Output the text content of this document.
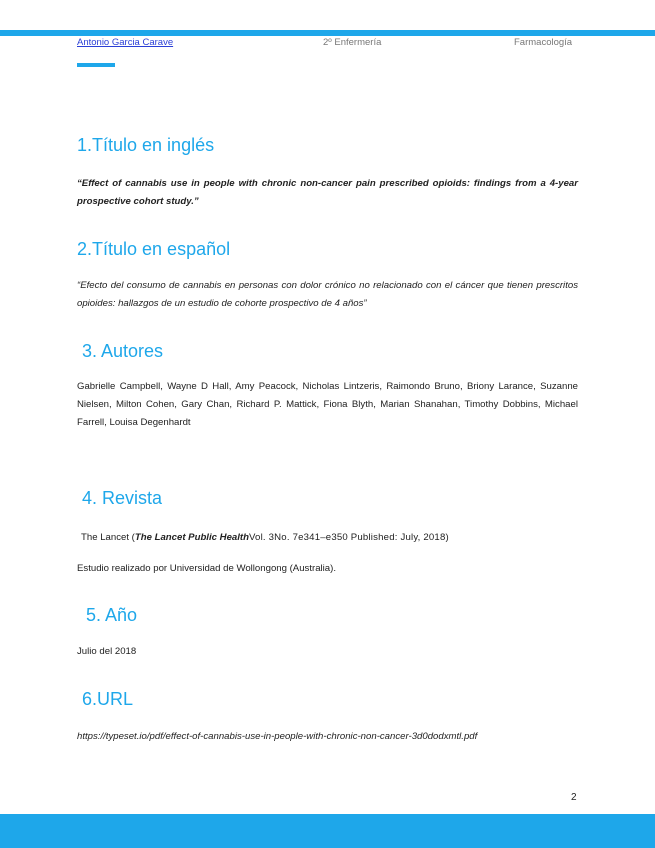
Antonio Garcia Carave	2º Enfermería	Farmacología
1.Título en inglés

“Effect of cannabis use in people with chronic non-cancer pain prescribed opioids: findings from a 4-year prospective cohort study.”

2.Título en español

“Efecto del consumo de cannabis en personas con dolor crónico no relacionado con el cáncer que tienen prescritos opioides: hallazgos de un estudio de cohorte prospectivo de 4 años”

3. Autores

Gabrielle Campbell, Wayne D Hall, Amy Peacock, Nicholas Lintzeris, Raimondo Bruno, Briony Larance, Suzanne Nielsen, Milton Cohen, Gary Chan, Richard P. Mattick, Fiona Blyth, Marian Shanahan, Timothy Dobbins, Michael Farrell, Louisa Degenhardt

4. Revista

The Lancet (The Lancet Public HealthVol. 3No. 7e341–e350 Published: July, 2018)

Estudio realizado por Universidad de Wollongong (Australia).

5. Año

Julio del 2018

6.URL

https://typeset.io/pdf/effect-of-cannabis-use-in-people-with-chronic-non-cancer-3d0dodxmtl.pdf

2
